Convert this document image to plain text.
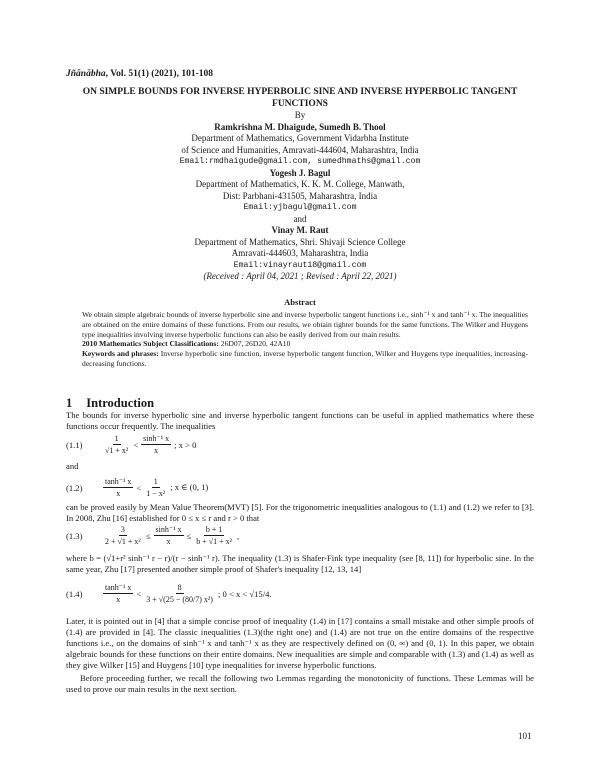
Jñānābha, Vol. 51(1) (2021), 101-108
ON SIMPLE BOUNDS FOR INVERSE HYPERBOLIC SINE AND INVERSE HYPERBOLIC TANGENT
FUNCTIONS
By
Ramkrishna M. Dhaigude, Sumedh B. Thool
Department of Mathematics, Government Vidarbha Institute
of Science and Humanities, Amravati-444604, Maharashtra, India
Email:rmdhaigude@gmail.com, sumedhmaths@gmail.com
Yogesh J. Bagul
Department of Mathematics, K. K. M. College, Manwath,
Dist: Parbhani-431505, Maharashtra, India
Email:yjbagul@gmail.com
and
Vinay M. Raut
Department of Mathematics, Shri. Shivaji Science College
Amravati-444603, Maharashtra, India
Email:vinayraut18@gmail.com
(Received : April 04, 2021 ; Revised : April 22, 2021)
Abstract
We obtain simple algebraic bounds of inverse hyperbolic sine and inverse hyperbolic tangent functions i.e., sinh⁻¹ x and tanh⁻¹ x. The inequalities are obtained on the entire domains of these functions. From our results, we obtain tighter bounds for the same functions. The Wilker and Huygens type inequalities involving inverse hyperbolic functions can also be easily derived from our main results.
2010 Mathematics Subject Classifications: 26D07, 26D20, 42A10
Keywords and phrases: Inverse hyperbolic sine function, inverse hyperbolic tangent function, Wilker and Huygens type inequalities, increasing-decreasing functions.
1 Introduction
The bounds for inverse hyperbolic sine and inverse hyperbolic tangent functions can be useful in applied mathematics where these functions occur frequently. The inequalities
(1.1)	$\frac{1}{\text{√1 + x²}} < \frac{\text{sinh⁻¹ x}}{x}$ ; x > 0
and
(1.2)	$\frac{\text{tanh⁻¹ x}}{x} < \frac{1}{\text{1 − x²}}$ ; x ∈ (0, 1)
can be proved easily by Mean Value Theorem(MVT) [5]. For the trigonometric inequalities analogous to (1.1) and (1.2) we refer to [3]. In 2008, Zhu [16] established for 0 ≤ x ≤ r and r > 0 that
(1.3)	$\frac{3}{\text{2 + √1 + x²}} \le \frac{\text{sinh⁻¹ x}}{x} \le \frac{b + 1}{\text{b + √1 + x²}}$ ,
where b = (√1+r² sinh⁻¹ r − r)/(r − sinh⁻¹ r). The inequality (1.3) is Shafer-Fink type inequality (see [8, 11]) for hyperbolic sine. In the same year, Zhu [17] presented another simple proof of Shafer's inequality [12, 13, 14]
(1.4)	$\frac{\text{tanh⁻¹ x}}{x} < \frac{8}{\text{3 + √(25 − (80/7) x²)}}$ ; 0 < x < √15/4.
Later, it is pointed out in [4] that a simple concise proof of inequality (1.4) in [17] contains a small mistake and other simple proofs of (1.4) are provided in [4]. The classic inequalities (1.3)(the right one) and (1.4) are not true on the entire domains of the respective functions i.e., on the domains of sinh⁻¹ x and tanh⁻¹ x as they are respectively defined on (0, ∞) and (0, 1). In this paper, we obtain algebraic bounds for these functions on their entire domains. New inequalities are simple and comparable with (1.3) and (1.4) as well as they give Wilker [15] and Huygens [10] type inequalities for inverse hyperbolic functions.
Before proceeding further, we recall the following two Lemmas regarding the monotonicity of functions. These Lemmas will be used to prove our main results in the next section.
101
